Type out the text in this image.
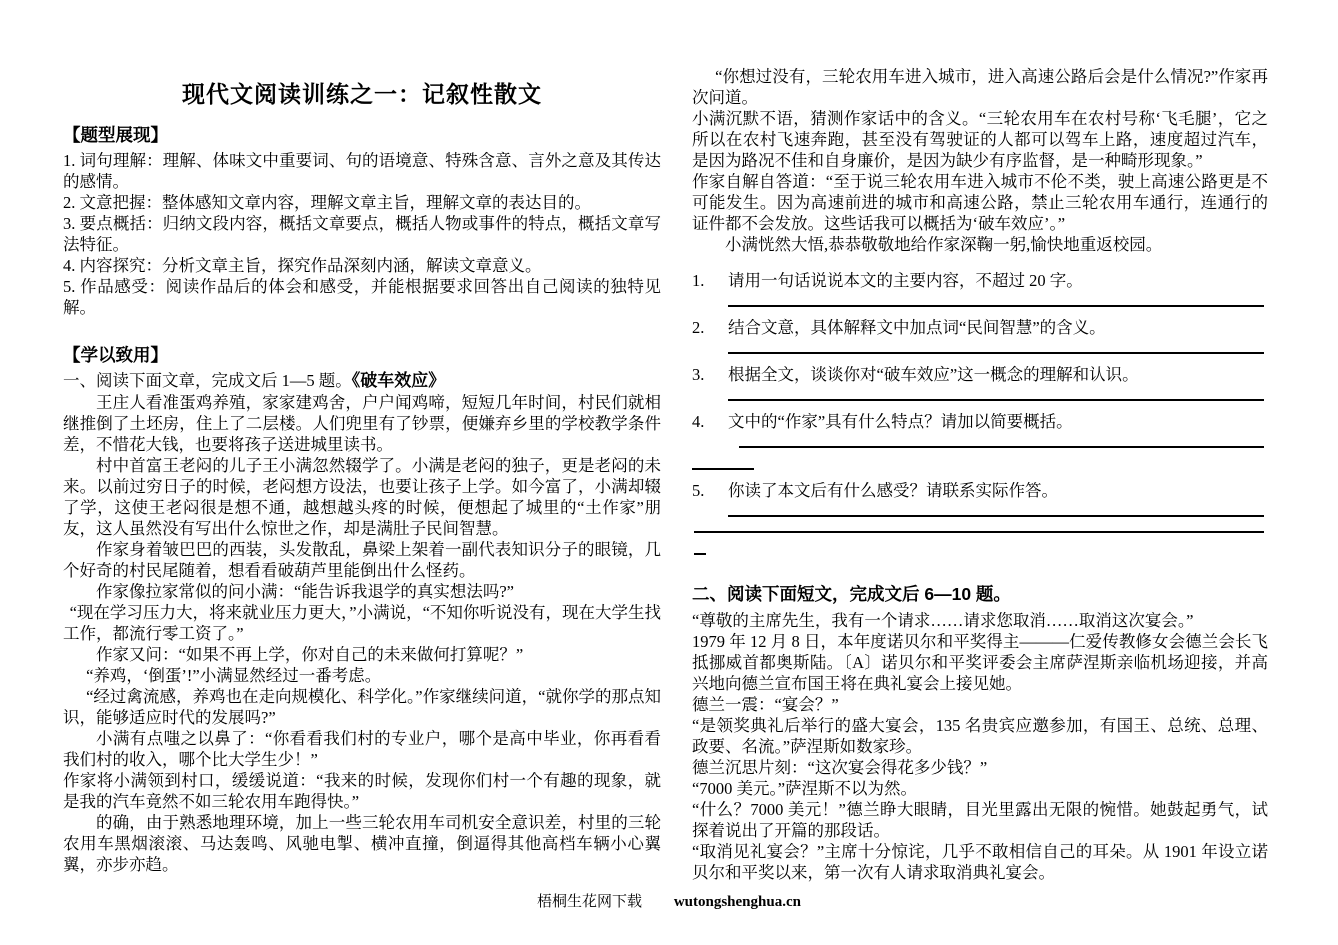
现代文阅读训练之一：记叙性散文
【题型展现】

1. 词句理解：理解、体味文中重要词、句的语境意、特殊含意、言外之意及其传达的感情。

2. 文意把握：整体感知文章内容，理解文章主旨，理解文章的表达目的。

3. 要点概括：归纳文段内容，概括文章要点，概括人物或事件的特点，概括文章写法特征。

4. 内容探究：分析文章主旨，探究作品深刻内涵，解读文章意义。

5. 作品感受：阅读作品后的体会和感受，并能根据要求回答出自己阅读的独特见解。

【学以致用】

一、阅读下面文章，完成文后 1—5 题。《破车效应》

王庄人看准蛋鸡养殖，家家建鸡舍，户户闻鸡啼，短短几年时间，村民们就相继推倒了土坯房，住上了二层楼。人们兜里有了钞票，便嫌弃乡里的学校教学条件差，不惜花大钱，也要将孩子送进城里读书。

村中首富王老闷的儿子王小满忽然辍学了。小满是老闷的独子，更是老闷的未来。以前过穷日子的时候，老闷想方设法，也要让孩子上学。如今富了，小满却辍了学，这使王老闷很是想不通，越想越头疼的时候，便想起了城里的“土作家”朋友，这人虽然没有写出什么惊世之作，却是满肚子民间智慧。

作家身着皱巴巴的西装，头发散乱，鼻梁上架着一副代表知识分子的眼镜，几个好奇的村民尾随着，想看看破葫芦里能倒出什么怪药。

作家像拉家常似的问小满：“能告诉我退学的真实想法吗?”

“现在学习压力大，将来就业压力更大，”小满说，“不知你听说没有，现在大学生找工作，都流行零工资了。”

作家又问：“如果不再上学，你对自己的未来做何打算呢？”

“养鸡，‘倒蛋’!”小满显然经过一番考虑。

“经过禽流感，养鸡也在走向规模化、科学化。”作家继续问道，“就你学的那点知识，能够适应时代的发展吗?”

小满有点嗤之以鼻了：“你看看我们村的专业户，哪个是高中毕业，你再看看我们村的收入，哪个比大学生少！”

作家将小满领到村口，缓缓说道：“我来的时候，发现你们村一个有趣的现象，就是我的汽车竟然不如三轮农用车跑得快。”

的确，由于熟悉地理环境，加上一些三轮农用车司机安全意识差，村里的三轮农用车黑烟滚滚、马达轰鸣、风驰电掣、横冲直撞，倒逼得其他高档车辆小心翼翼，亦步亦趋。

“你想过没有，三轮农用车进入城市，进入高速公路后会是什么情况?”作家再次问道。

小满沉默不语，猜测作家话中的含义。“三轮农用车在农村号称‘飞毛腿’，它之所以在农村飞速奔跑，甚至没有驾驶证的人都可以驾车上路，速度超过汽车，是因为路况不佳和自身廉价，是因为缺少有序监督，是一种畸形现象。”

作家自解自答道：“至于说三轮农用车进入城市不伦不类，驶上高速公路更是不可能发生。因为高速前进的城市和高速公路，禁止三轮农用车通行，连通行的证件都不会发放。这些话我可以概括为‘破车效应’。”

小满恍然大悟,恭恭敬敬地给作家深鞠一躬,愉快地重返校园。

1.	请用一句话说说本文的主要内容，不超过 20 字。
2.	结合文意，具体解释文中加点词“民间智慧”的含义。
3.	根据全文，谈谈你对“破车效应”这一概念的理解和认识。
4.	文中的“作家”具有什么特点？请加以简要概括。
5.	你读了本文后有什么感受？请联系实际作答。
二、阅读下面短文，完成文后 6—10 题。

“尊敬的主席先生，我有一个请求……请求您取消……取消这次宴会。”

1979 年 12 月 8 日，本年度诺贝尔和平奖得主———仁爱传教修女会德兰会长飞抵挪威首都奥斯陆。〔A〕诺贝尔和平奖评委会主席萨涅斯亲临机场迎接，并高兴地向德兰宣布国王将在典礼宴会上接见她。

德兰一震：“宴会？”

“是领奖典礼后举行的盛大宴会，135 名贵宾应邀参加，有国王、总统、总理、政要、名流。”萨涅斯如数家珍。

德兰沉思片刻：“这次宴会得花多少钱？”

“7000 美元。”萨涅斯不以为然。

“什么？7000 美元！”德兰睁大眼睛，目光里露出无限的惋惜。她鼓起勇气，试探着说出了开篇的那段话。

“取消见礼宴会？”主席十分惊诧，几乎不敢相信自己的耳朵。从 1901 年设立诺贝尔和平奖以来，第一次有人请求取消典礼宴会。

梧桐生花网下载 wutongshenghua.cn
